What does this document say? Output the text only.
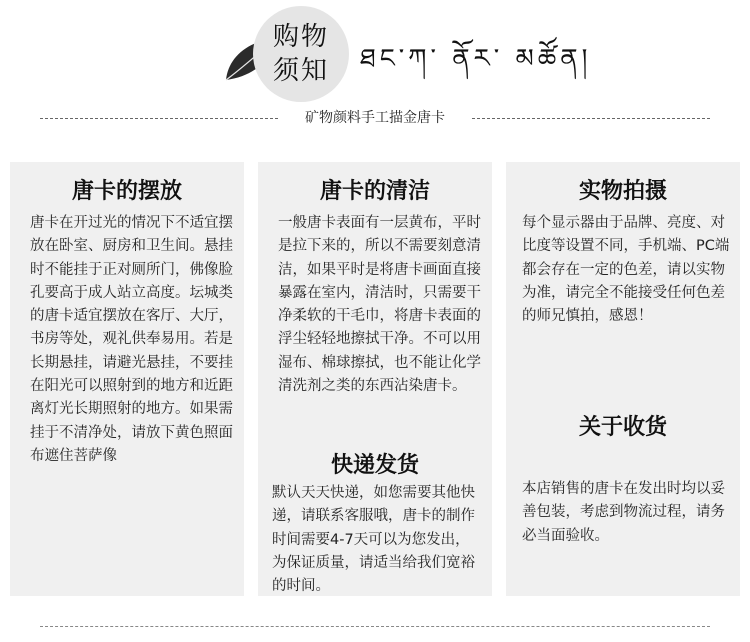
购物
须知	ཐང་ཀ་ ནོར་ མཚོན།
矿物颜料手工描金唐卡
唐卡的摆放

唐卡在开过光的情况下不适宜摆放在卧室、厨房和卫生间。悬挂时不能挂于正对厕所门，佛像脸孔要高于成人站立高度。坛城类的唐卡适宜摆放在客厅、大厅，书房等处，观礼供奉易用。若是长期悬挂，请避光悬挂，不要挂在阳光可以照射到的地方和近距离灯光长期照射的地方。如果需挂于不清净处，请放下黄色照面布遮住菩萨像

唐卡的清洁

一般唐卡表面有一层黄布，平时是拉下来的，所以不需要刻意清洁，如果平时是将唐卡画面直接暴露在室内，清洁时，只需要干净柔软的干毛巾，将唐卡表面的浮尘轻轻地擦拭干净。不可以用湿布、棉球擦拭，也不能让化学清洗剂之类的东西沾染唐卡。

快递发货

默认天天快递，如您需要其他快递，请联系客服哦，唐卡的制作时间需要4-7天可以为您发出，为保证质量，请适当给我们宽裕的时间。

实物拍摄

每个显示器由于品牌、亮度、对比度等设置不同，手机端、PC端都会存在一定的色差，请以实物为准，请完全不能接受任何色差的师兄慎拍，感恩！

关于收货

本店销售的唐卡在发出时均以妥善包装，考虑到物流过程，请务必当面验收。
